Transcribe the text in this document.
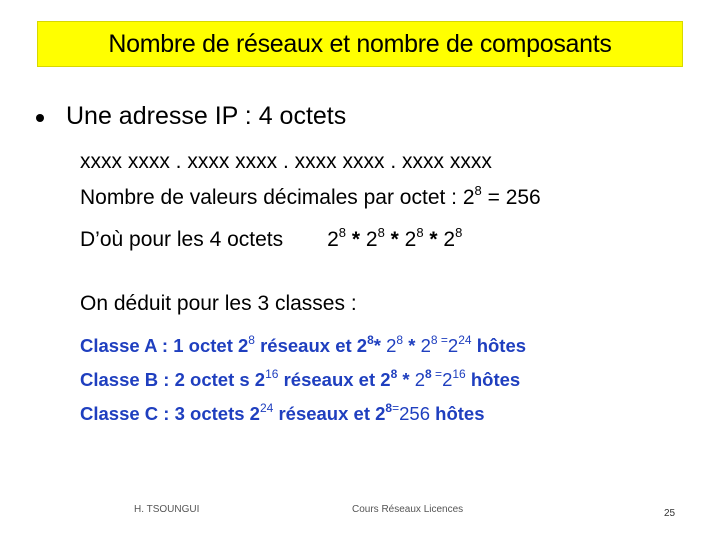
Nombre de réseaux et nombre de composants
Une adresse IP : 4 octets
xxxx xxxx . xxxx xxxx . xxxx xxxx . xxxx xxxx
Nombre de valeurs décimales par octet : $2^8 = 256$
D’où pour les 4 octets $2^8 * 2^8 * 2^8 * 2^8$
On déduit pour les 3 classes :
Classe A : 1 octet $2^8$ réseaux et $2^8*$ $2^8 * 2^8$ $^=2^{24}$ hôtes
Classe B : 2 octet s $2^{16}$ réseaux et $2^8 * 2^8$ $^=2^{16}$ hôtes
Classe C : 3 octets $2^{24}$ réseaux et $2^{8=}256$ hôtes
H. TSOUNGUI	Cours Réseaux Licences	25
